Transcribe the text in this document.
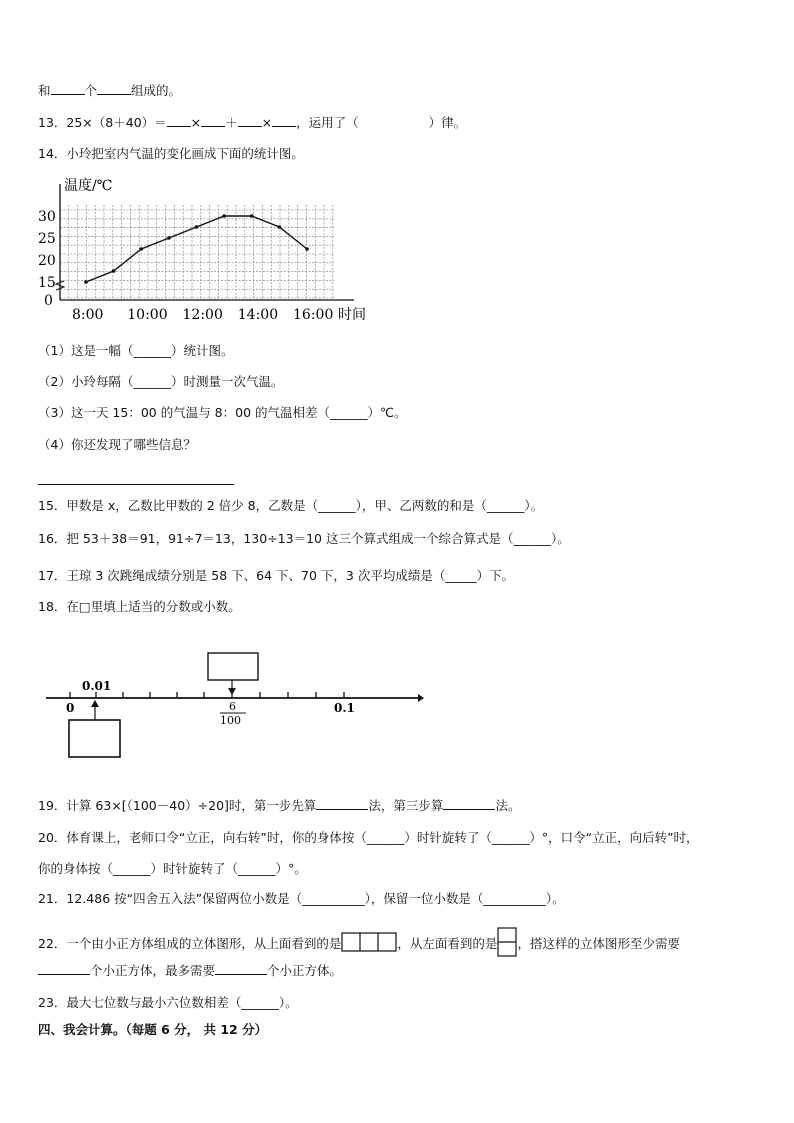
和	个	组成的。
13．25×（8＋40）＝ × ＋ × ，运用了（	）律。
14．小玲把室内气温的变化画成下面的统计图。
温度/℃
时间
0
15
20
25
30
8:00 10:00 12:00 14:00 16:00
（1）这是一幅（______）统计图。
（2）小玲每隔（______）时测量一次气温。
（3）这一天 15：00 的气温与 8：00 的气温相差（______）℃。
（4）你还发现了哪些信息？
15．甲数是 x，乙数比甲数的 2 倍少 8，乙数是（______），甲、乙两数的和是（______）。
16．把 53＋38＝91，91÷7＝13，130÷13＝10 这三个算式组成一个综合算式是（______）。
17．王琼 3 次跳绳成绩分别是 58 下、64 下、70 下，3 次平均成绩是（_____）下。
18．在□里填上适当的分数或小数。
0.01
0	6
100
0.1
19．计算 63×[（100－40）÷20]时，第一步先算	法，第三步算	法。
20．体育课上，老师口令“立正，向右转”时，你的身体按（______）时针旋转了（______）°，口令“立正，向后转”时，
你的身体按（______）时针旋转了（______）°。
21．12.486 按“四舍五入法”保留两位小数是（__________），保留一位小数是（__________）。
22．一个由小正方体组成的立体图形，从上面看到的是	，从左面看到的是 ，搭这样的立体图形至少需要
个小正方体，最多需要	个小正方体。
23．最大七位数与最小六位数相差（______）。
四、我会计算。（每题 6 分， 共 12 分）
